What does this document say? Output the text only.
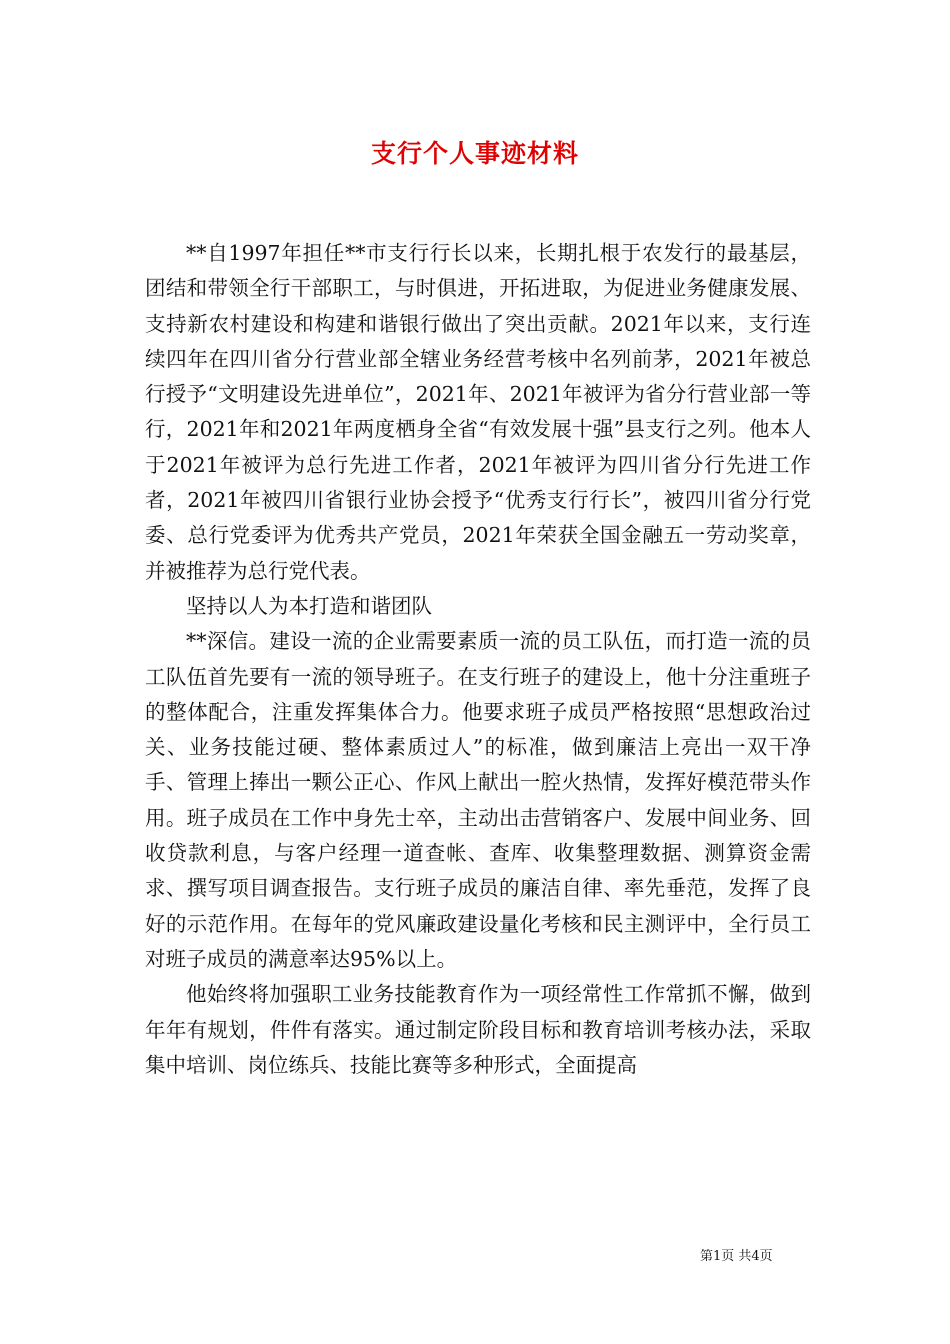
支行个人事迹材料

**自1997年担任**市支行行长以来，长期扎根于农发行的最基层，团结和带领全行干部职工，与时俱进，开拓进取，为促进业务健康发展、支持新农村建设和构建和谐银行做出了突出贡献。2021年以来，支行连续四年在四川省分行营业部全辖业务经营考核中名列前茅，2021年被总行授予“文明建设先进单位”，2021年、2021年被评为省分行营业部一等行，2021年和2021年两度栖身全省“有效发展十强”县支行之列。他本人于2021年被评为总行先进工作者，2021年被评为四川省分行先进工作者，2021年被四川省银行业协会授予“优秀支行行长”，被四川省分行党委、总行党委评为优秀共产党员，2021年荣获全国金融五一劳动奖章，并被推荐为总行党代表。

坚持以人为本打造和谐团队

**深信。建设一流的企业需要素质一流的员工队伍，而打造一流的员工队伍首先要有一流的领导班子。在支行班子的建设上，他十分注重班子的整体配合，注重发挥集体合力。他要求班子成员严格按照“思想政治过关、业务技能过硬、整体素质过人”的标准，做到廉洁上亮出一双干净手、管理上捧出一颗公正心、作风上献出一腔火热情，发挥好模范带头作用。班子成员在工作中身先士卒，主动出击营销客户、发展中间业务、回收贷款利息，与客户经理一道查帐、查库、收集整理数据、测算资金需求、撰写项目调查报告。支行班子成员的廉洁自律、率先垂范，发挥了良好的示范作用。在每年的党风廉政建设量化考核和民主测评中，全行员工对班子成员的满意率达95%以上。

他始终将加强职工业务技能教育作为一项经常性工作常抓不懈，做到年年有规划，件件有落实。通过制定阶段目标和教育培训考核办法，采取集中培训、岗位练兵、技能比赛等多种形式，全面提高

第1页 共4页
